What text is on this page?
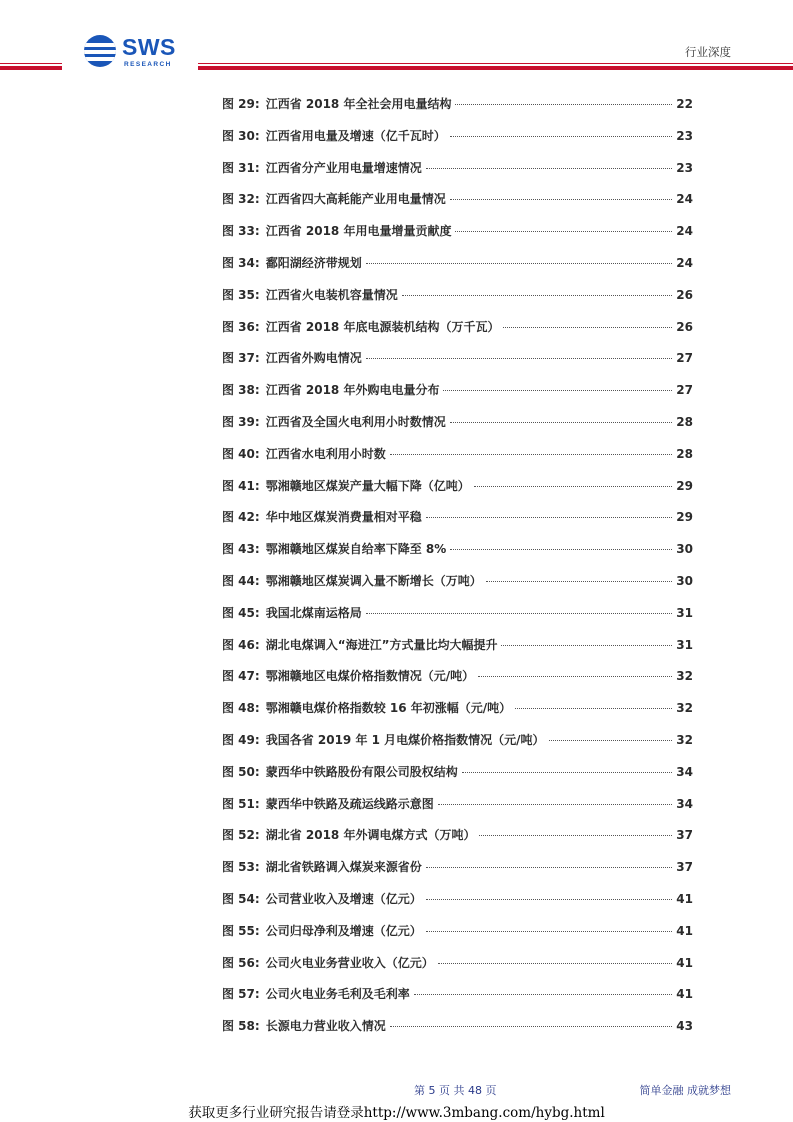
SWS
RESEARCH
行业深度
图 29: 江西省 2018 年全社会用电量结构	22
图 30: 江西省用电量及增速（亿千瓦时）	23
图 31: 江西省分产业用电量增速情况	23
图 32: 江西省四大高耗能产业用电量情况	24
图 33: 江西省 2018 年用电量增量贡献度	24
图 34: 鄱阳湖经济带规划	24
图 35: 江西省火电装机容量情况	26
图 36: 江西省 2018 年底电源装机结构（万千瓦）	26
图 37: 江西省外购电情况	27
图 38: 江西省 2018 年外购电电量分布	27
图 39: 江西省及全国火电利用小时数情况	28
图 40: 江西省水电利用小时数	28
图 41: 鄂湘赣地区煤炭产量大幅下降（亿吨）	29
图 42: 华中地区煤炭消费量相对平稳	29
图 43: 鄂湘赣地区煤炭自给率下降至 8%	30
图 44: 鄂湘赣地区煤炭调入量不断增长（万吨）	30
图 45: 我国北煤南运格局	31
图 46: 湖北电煤调入“海进江”方式量比均大幅提升	31
图 47: 鄂湘赣地区电煤价格指数情况（元/吨）	32
图 48: 鄂湘赣电煤价格指数较 16 年初涨幅（元/吨）	32
图 49: 我国各省 2019 年 1 月电煤价格指数情况（元/吨）	32
图 50: 蒙西华中铁路股份有限公司股权结构	34
图 51: 蒙西华中铁路及疏运线路示意图	34
图 52: 湖北省 2018 年外调电煤方式（万吨）	37
图 53: 湖北省铁路调入煤炭来源省份	37
图 54: 公司营业收入及增速（亿元）	41
图 55: 公司归母净利及增速（亿元）	41
图 56: 公司火电业务营业收入（亿元）	41
图 57: 公司火电业务毛利及毛利率	41
图 58: 长源电力营业收入情况	43
第 5 页 共 48 页	简单金融 成就梦想
获取更多行业研究报告请登录http://www.3mbang.com/hybg.html
